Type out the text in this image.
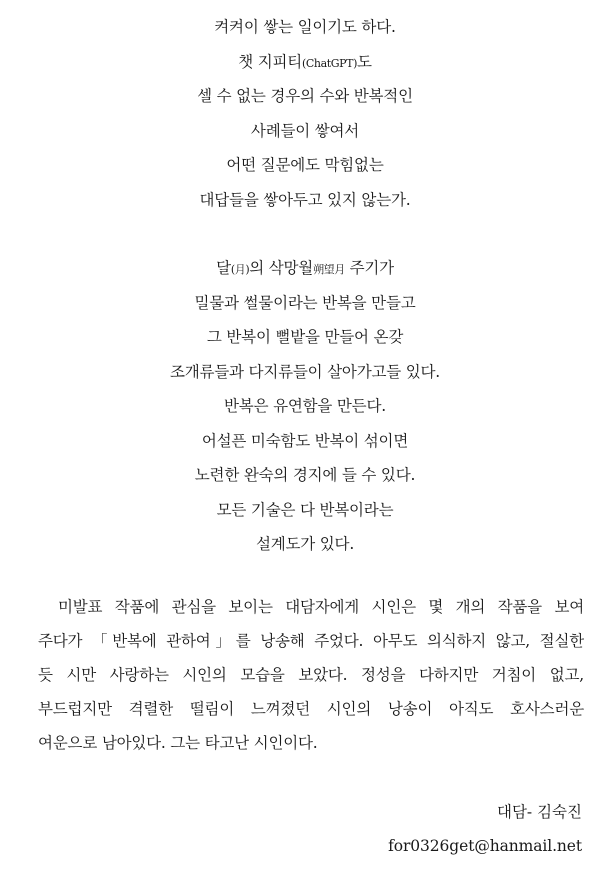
켜켜이 쌓는 일이기도 하다.
챗 지피티(ChatGPT)도
셀 수 없는 경우의 수와 반복적인
사례들이 쌓여서
어떤 질문에도 막힘없는
대답들을 쌓아두고 있지 않는가.
달(月)의 삭망월朔望月 주기가
밀물과 썰물이라는 반복을 만들고
그 반복이 뻘밭을 만들어 온갖
조개류들과 다지류들이 살아가고들 있다.
반복은 유연함을 만든다.
어설픈 미숙함도 반복이 섞이면
노련한 완숙의 경지에 들 수 있다.
모든 기술은 다 반복이라는
설계도가 있다.
미발표 작품에 관심을 보이는 대담자에게 시인은 몇 개의 작품을 보여
주다가 「반복에 관하여」를 낭송해 주었다. 아무도 의식하지 않고, 절실한
듯 시만 사랑하는 시인의 모습을 보았다. 정성을 다하지만 거침이 없고,
부드럽지만 격렬한 떨림이 느껴졌던 시인의 낭송이 아직도 호사스러운
여운으로 남아있다. 그는 타고난 시인이다.
대담- 김숙진
for0326get@hanmail.net
